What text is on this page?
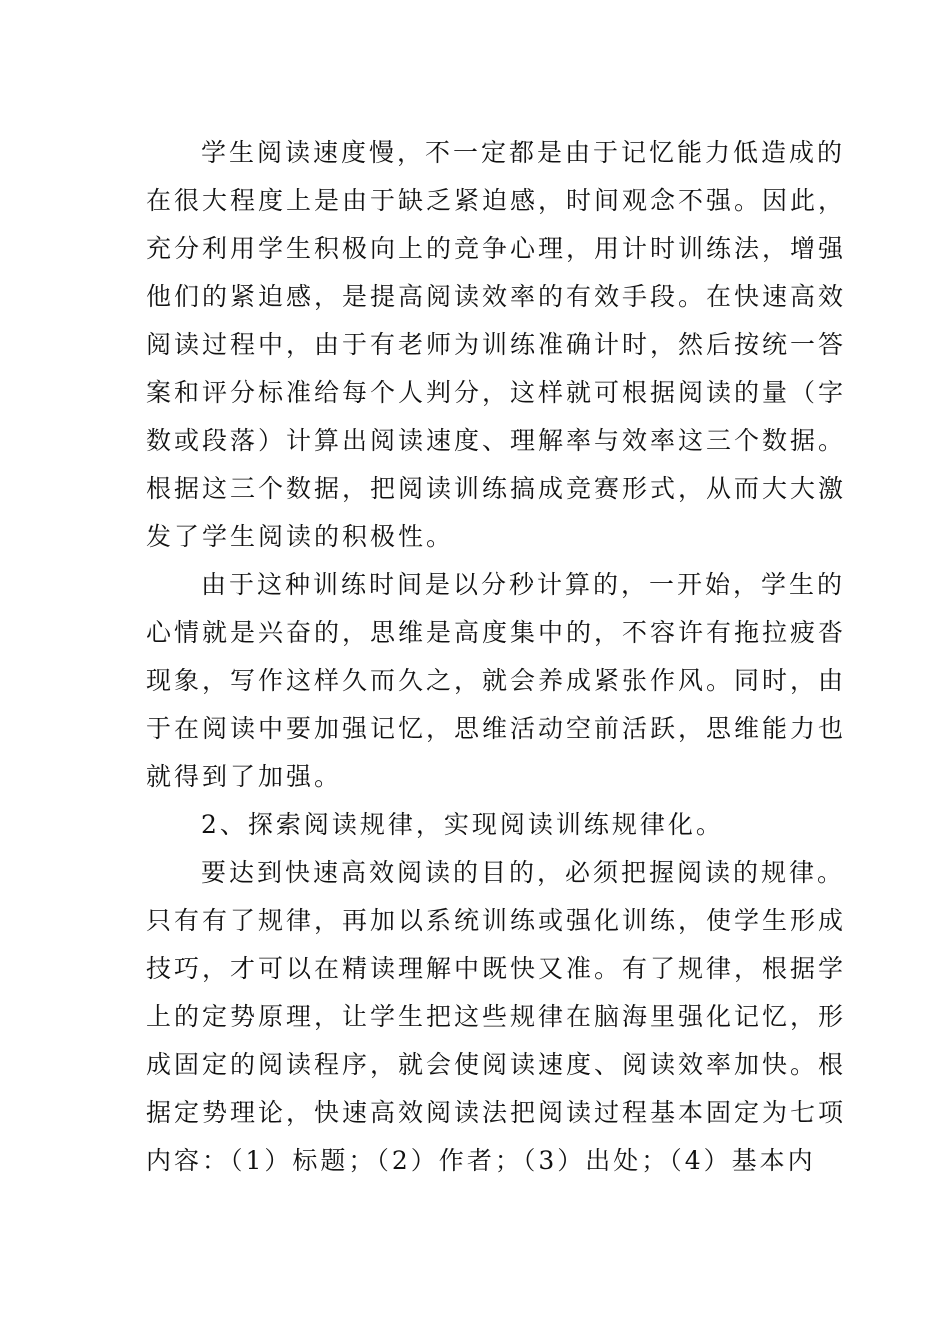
学生阅读速度慢，不一定都是由于记忆能力低造成的
在很大程度上是由于缺乏紧迫感，时间观念不强。因此，
充分利用学生积极向上的竞争心理，用计时训练法，增强
他们的紧迫感，是提高阅读效率的有效手段。在快速高效
阅读过程中，由于有老师为训练准确计时，然后按统一答
案和评分标准给每个人判分，这样就可根据阅读的量（字
数或段落）计算出阅读速度、理解率与效率这三个数据。
根据这三个数据，把阅读训练搞成竞赛形式，从而大大激
发了学生阅读的积极性。
由于这种训练时间是以分秒计算的，一开始，学生的
心情就是兴奋的，思维是高度集中的，不容许有拖拉疲沓
现象，写作这样久而久之，就会养成紧张作风。同时，由
于在阅读中要加强记忆，思维活动空前活跃，思维能力也
就得到了加强。
2、探索阅读规律，实现阅读训练规律化。
要达到快速高效阅读的目的，必须把握阅读的规律。
只有有了规律，再加以系统训练或强化训练，使学生形成
技巧，才可以在精读理解中既快又准。有了规律，根据学
上的定势原理，让学生把这些规律在脑海里强化记忆，形
成固定的阅读程序，就会使阅读速度、阅读效率加快。根
据定势理论，快速高效阅读法把阅读过程基本固定为七项
内容：（1）标题；（2）作者；（3）出处；（4）基本内
